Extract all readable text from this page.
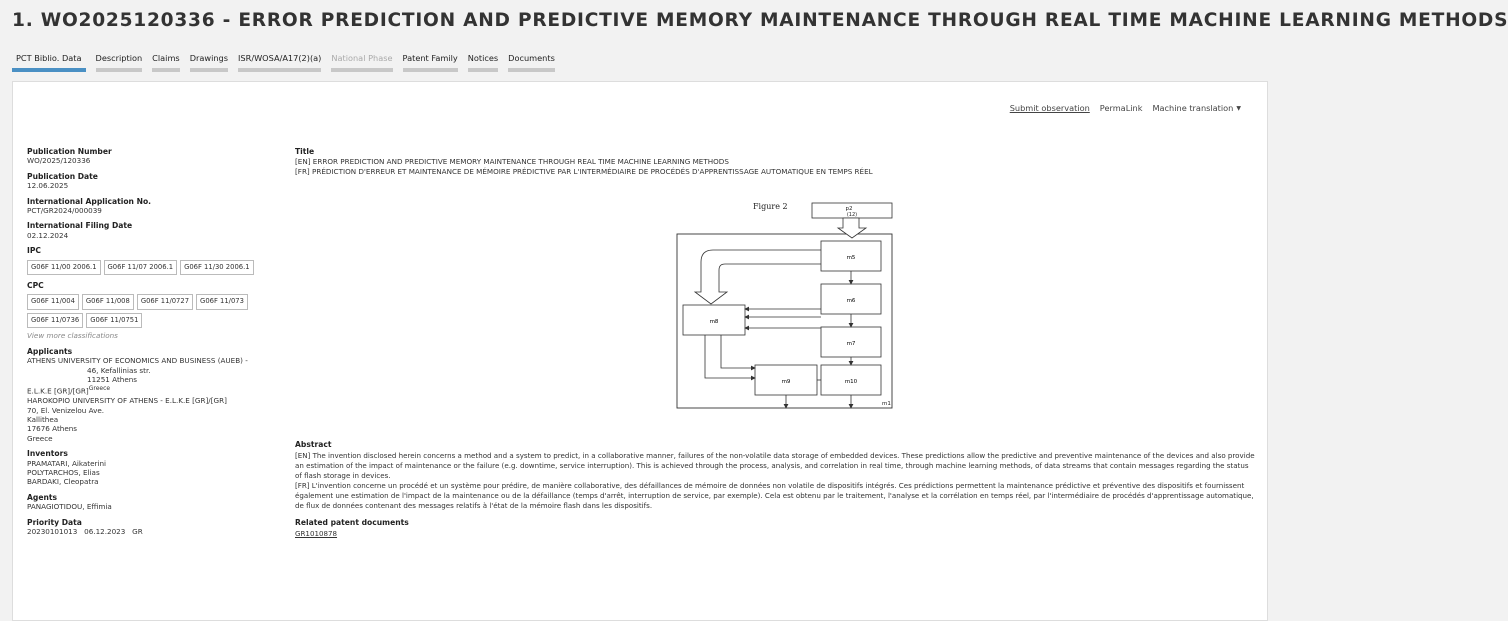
1. WO2025120336 - ERROR PREDICTION AND PREDICTIVE MEMORY MAINTENANCE THROUGH REAL TIME MACHINE LEARNING METHODS
PCT Biblio. Data	Description Claims Drawings ISR/WOSA/A17(2)(a) National Phase Patent Family Notices Documents
Submit observation PermaLink Machine translation ▼
Publication Number
WO/2025/120336
Publication Date
12.06.2025
International Application No.
PCT/GR2024/000039
International Filing Date
02.12.2024
IPC
G06F 11/00 2006.1	G06F 11/07 2006.1	G06F 11/30 2006.1
CPC
G06F 11/004	G06F 11/008	G06F 11/0727	G06F 11/073
G06F 11/0736	G06F 11/0751
View more classifications
Applicants
ATHENS UNIVERSITY OF ECONOMICS AND BUSINESS (AUEB) -
46, Kefallinias str.
11251 Athens
E.L.K.E [GR]/[GR]$^{Greece}$
HAROKOPIO UNIVERSITY OF ATHENS - E.L.K.E [GR]/[GR]
70, El. Venizelou Ave.
Kallithea
17676 Athens
Greece
Inventors
PRAMATARI, Aikaterini
POLYTARCHOS, Elias
BARDAKI, Cleopatra
Agents
PANAGIOTIDOU, Effimia
Priority Data
20230101013   06.12.2023   GR
Title
[EN] ERROR PREDICTION AND PREDICTIVE MEMORY MAINTENANCE THROUGH REAL TIME MACHINE LEARNING METHODS
[FR] PRÉDICTION D'ERREUR ET MAINTENANCE DE MÉMOIRE PRÉDICTIVE PAR L'INTERMÉDIAIRE DE PROCÉDÉS D'APPRENTISSAGE AUTOMATIQUE EN TEMPS RÉEL
Figure 2	p2
(12)
m1
m5
m6
m7
m8
m9	m10
Abstract
[EN] The invention disclosed herein concerns a method and a system to predict, in a collaborative manner, failures of the non-volatile data storage of embedded devices. These predictions allow the predictive and preventive maintenance of the devices and also provide an estimation of the impact of maintenance or the failure (e.g. downtime, service interruption). This is achieved through the process, analysis, and correlation in real time, through machine learning methods, of data streams that contain messages regarding the status of flash storage in devices.
[FR] L'invention concerne un procédé et un système pour prédire, de manière collaborative, des défaillances de mémoire de données non volatile de dispositifs intégrés. Ces prédictions permettent la maintenance prédictive et préventive des dispositifs et fournissent également une estimation de l'impact de la maintenance ou de la défaillance (temps d'arrêt, interruption de service, par exemple). Cela est obtenu par le traitement, l'analyse et la corrélation en temps réel, par l'intermédiaire de procédés d'apprentissage automatique, de flux de données contenant des messages relatifs à l'état de la mémoire flash dans les dispositifs.
Related patent documents
GR1010878
